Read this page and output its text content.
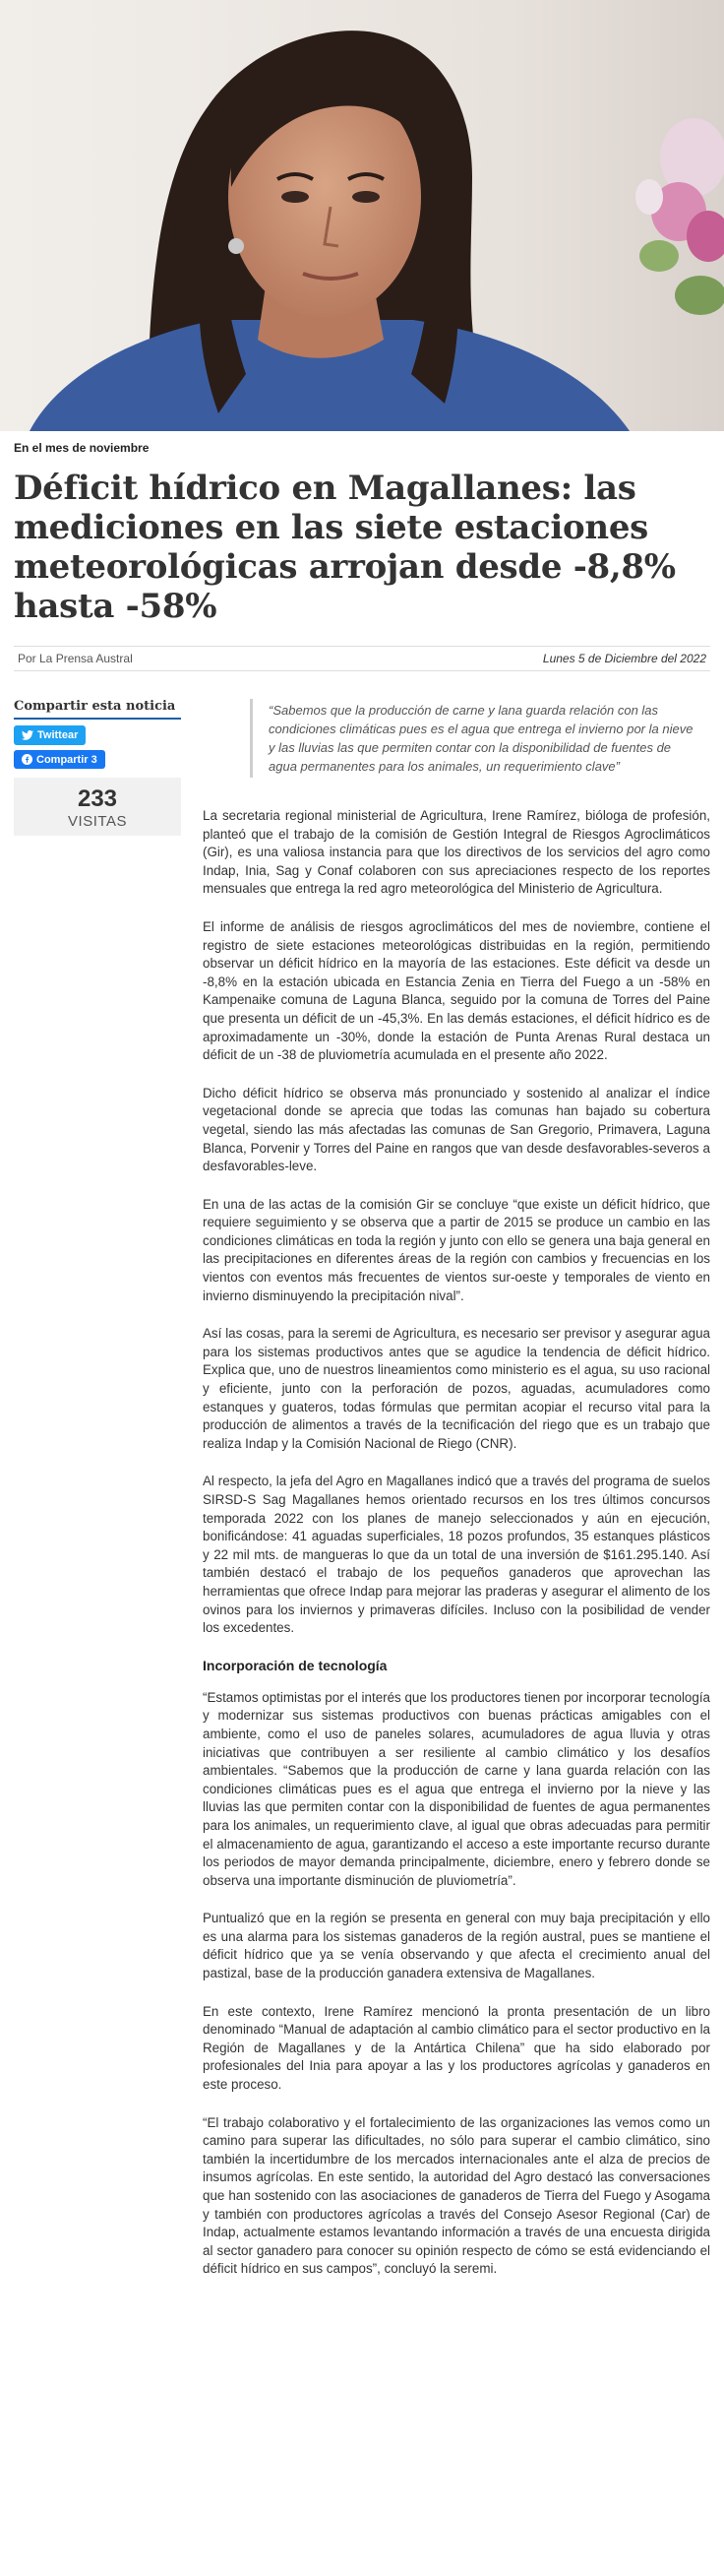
En el mes de noviembre
Déficit hídrico en Magallanes: las mediciones en las siete estaciones meteorológicas arrojan desde -8,8% hasta -58%
Por La Prensa Austral	Lunes 5 de Diciembre del 2022
Compartir esta noticia
Twittear
Compartir 3
233
VISITAS
“Sabemos que la producción de carne y lana guarda relación con las condiciones climáticas pues es el agua que entrega el invierno por la nieve y las lluvias las que permiten contar con la disponibilidad de fuentes de agua permanentes para los animales, un requerimiento clave”

La secretaria regional ministerial de Agricultura, Irene Ramírez, bióloga de profesión, planteó que el trabajo de la comisión de Gestión Integral de Riesgos Agroclimáticos (Gir), es una valiosa instancia para que los directivos de los servicios del agro como Indap, Inia, Sag y Conaf colaboren con sus apreciaciones respecto de los reportes mensuales que entrega la red agro meteorológica del Ministerio de Agricultura.

El informe de análisis de riesgos agroclimáticos del mes de noviembre, contiene el registro de siete estaciones meteorológicas distribuidas en la región, permitiendo observar un déficit hídrico en la mayoría de las estaciones. Este déficit va desde un -8,8% en la estación ubicada en Estancia Zenia en Tierra del Fuego a un -58% en Kampenaike comuna de Laguna Blanca, seguido por la comuna de Torres del Paine que presenta un déficit de un -45,3%. En las demás estaciones, el déficit hídrico es de aproximadamente un -30%, donde la estación de Punta Arenas Rural destaca un déficit de un -38 de pluviometría acumulada en el presente año 2022.

Dicho déficit hídrico se observa más pronunciado y sostenido al analizar el índice vegetacional donde se aprecia que todas las comunas han bajado su cobertura vegetal, siendo las más afectadas las comunas de San Gregorio, Primavera, Laguna Blanca, Porvenir y Torres del Paine en rangos que van desde desfavorables-severos a desfavorables-leve.

En una de las actas de la comisión Gir se concluye “que existe un déficit hídrico, que requiere seguimiento y se observa que a partir de 2015 se produce un cambio en las condiciones climáticas en toda la región y junto con ello se genera una baja general en las precipitaciones en diferentes áreas de la región con cambios y frecuencias en los vientos con eventos más frecuentes de vientos sur-oeste y temporales de viento en invierno disminuyendo la precipitación nival”.

Así las cosas, para la seremi de Agricultura, es necesario ser previsor y asegurar agua para los sistemas productivos antes que se agudice la tendencia de déficit hídrico. Explica que, uno de nuestros lineamientos como ministerio es el agua, su uso racional y eficiente, junto con la perforación de pozos, aguadas, acumuladores como estanques y guateros, todas fórmulas que permitan acopiar el recurso vital para la producción de alimentos a través de la tecnificación del riego que es un trabajo que realiza Indap y la Comisión Nacional de Riego (CNR).

Al respecto, la jefa del Agro en Magallanes indicó que a través del programa de suelos SIRSD-S Sag Magallanes hemos orientado recursos en los tres últimos concursos temporada 2022 con los planes de manejo seleccionados y aún en ejecución, bonificándose: 41 aguadas superficiales, 18 pozos profundos, 35 estanques plásticos y 22 mil mts. de mangueras lo que da un total de una inversión de $161.295.140. Así también destacó el trabajo de los pequeños ganaderos que aprovechan las herramientas que ofrece Indap para mejorar las praderas y asegurar el alimento de los ovinos para los inviernos y primaveras difíciles. Incluso con la posibilidad de vender los excedentes.

Incorporación de tecnología

“Estamos optimistas por el interés que los productores tienen por incorporar tecnología y modernizar sus sistemas productivos con buenas prácticas amigables con el ambiente, como el uso de paneles solares, acumuladores de agua lluvia y otras iniciativas que contribuyen a ser resiliente al cambio climático y los desafíos ambientales. “Sabemos que la producción de carne y lana guarda relación con las condiciones climáticas pues es el agua que entrega el invierno por la nieve y las lluvias las que permiten contar con la disponibilidad de fuentes de agua permanentes para los animales, un requerimiento clave, al igual que obras adecuadas para permitir el almacenamiento de agua, garantizando el acceso a este importante recurso durante los periodos de mayor demanda principalmente, diciembre, enero y febrero donde se observa una importante disminución de pluviometría”.

Puntualizó que en la región se presenta en general con muy baja precipitación y ello es una alarma para los sistemas ganaderos de la región austral, pues se mantiene el déficit hídrico que ya se venía observando y que afecta el crecimiento anual del pastizal, base de la producción ganadera extensiva de Magallanes.

En este contexto, Irene Ramírez mencionó la pronta presentación de un libro denominado “Manual de adaptación al cambio climático para el sector productivo en la Región de Magallanes y de la Antártica Chilena” que ha sido elaborado por profesionales del Inia para apoyar a las y los productores agrícolas y ganaderos en este proceso.

“El trabajo colaborativo y el fortalecimiento de las organizaciones las vemos como un camino para superar las dificultades, no sólo para superar el cambio climático, sino también la incertidumbre de los mercados internacionales ante el alza de precios de insumos agrícolas. En este sentido, la autoridad del Agro destacó las conversaciones que han sostenido con las asociaciones de ganaderos de Tierra del Fuego y Asogama y también con productores agrícolas a través del Consejo Asesor Regional (Car) de Indap, actualmente estamos levantando información a través de una encuesta dirigida al sector ganadero para conocer su opinión respecto de cómo se está evidenciando el déficit hídrico en sus campos”, concluyó la seremi.
